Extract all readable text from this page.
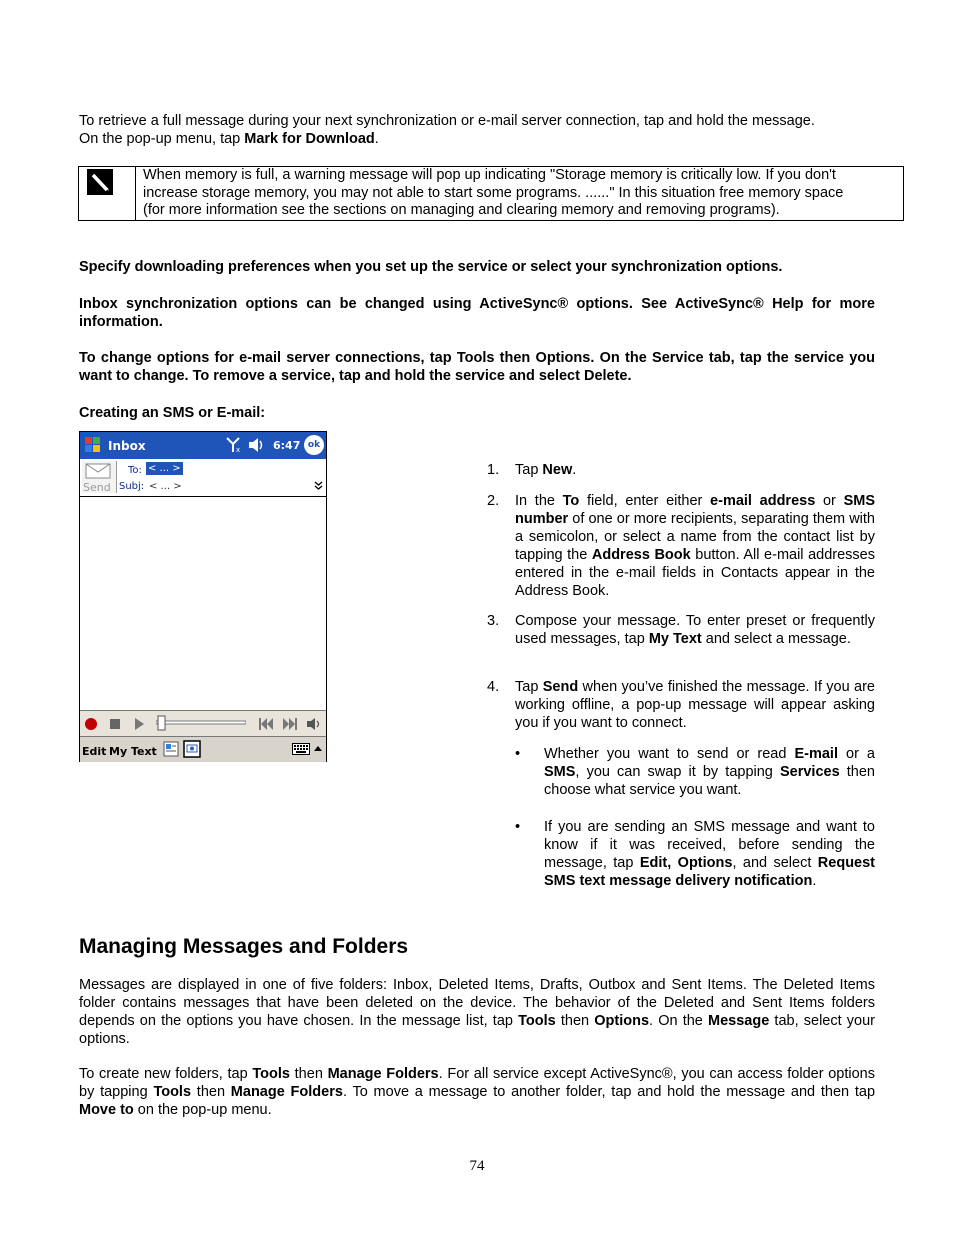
To retrieve a full message during your next synchronization or e-mail server connection, tap and hold the message.
On the pop-up menu, tap Mark for Download.

When memory is full, a warning message will pop up indicating "Storage memory is critically low. If you don't
increase storage memory, you may not able to start some programs. ......" In this situation free memory space
(for more information see the sections on managing and clearing memory and removing programs).

Specify downloading preferences when you set up the service or select your synchronization options.

Inbox synchronization options can be changed using ActiveSync® options. See ActiveSync® Help for more information.

To change options for e-mail server connections, tap Tools then Options. On the Service tab, tap the service you want to change. To remove a service, tap and hold the service and select Delete.

Creating an SMS or E-mail:

Inbox	x	6:47 ok
Send
To: < ... >
Subj: < ... >
Edit My Text
1. Tap New.

2. In the To field, enter either e-mail address or SMS number of one or more recipients, separating them with a semicolon, or select a name from the contact list by tapping the Address Book button. All e-mail addresses entered in the e-mail fields in Contacts appear in the Address Book.

3. Compose your message. To enter preset or frequently used messages, tap My Text and select a message.

4. Tap Send when you’ve finished the message. If you are working offline, a pop-up message will appear asking you if you want to connect.

• Whether you want to send or read E-mail or a SMS, you can swap it by tapping Services then choose what service you want.

• If you are sending an SMS message and want to know if it was received, before sending the message, tap Edit, Options, and select Request SMS text message delivery notification.

Managing Messages and Folders

Messages are displayed in one of five folders: Inbox, Deleted Items, Drafts, Outbox and Sent Items. The Deleted Items folder contains messages that have been deleted on the device. The behavior of the Deleted and Sent Items folders depends on the options you have chosen. In the message list, tap Tools then Options. On the Message tab, select your options.

To create new folders, tap Tools then Manage Folders. For all service except ActiveSync®, you can access folder options by tapping Tools then Manage Folders. To move a message to another folder, tap and hold the message and then tap Move to on the pop-up menu.

74
